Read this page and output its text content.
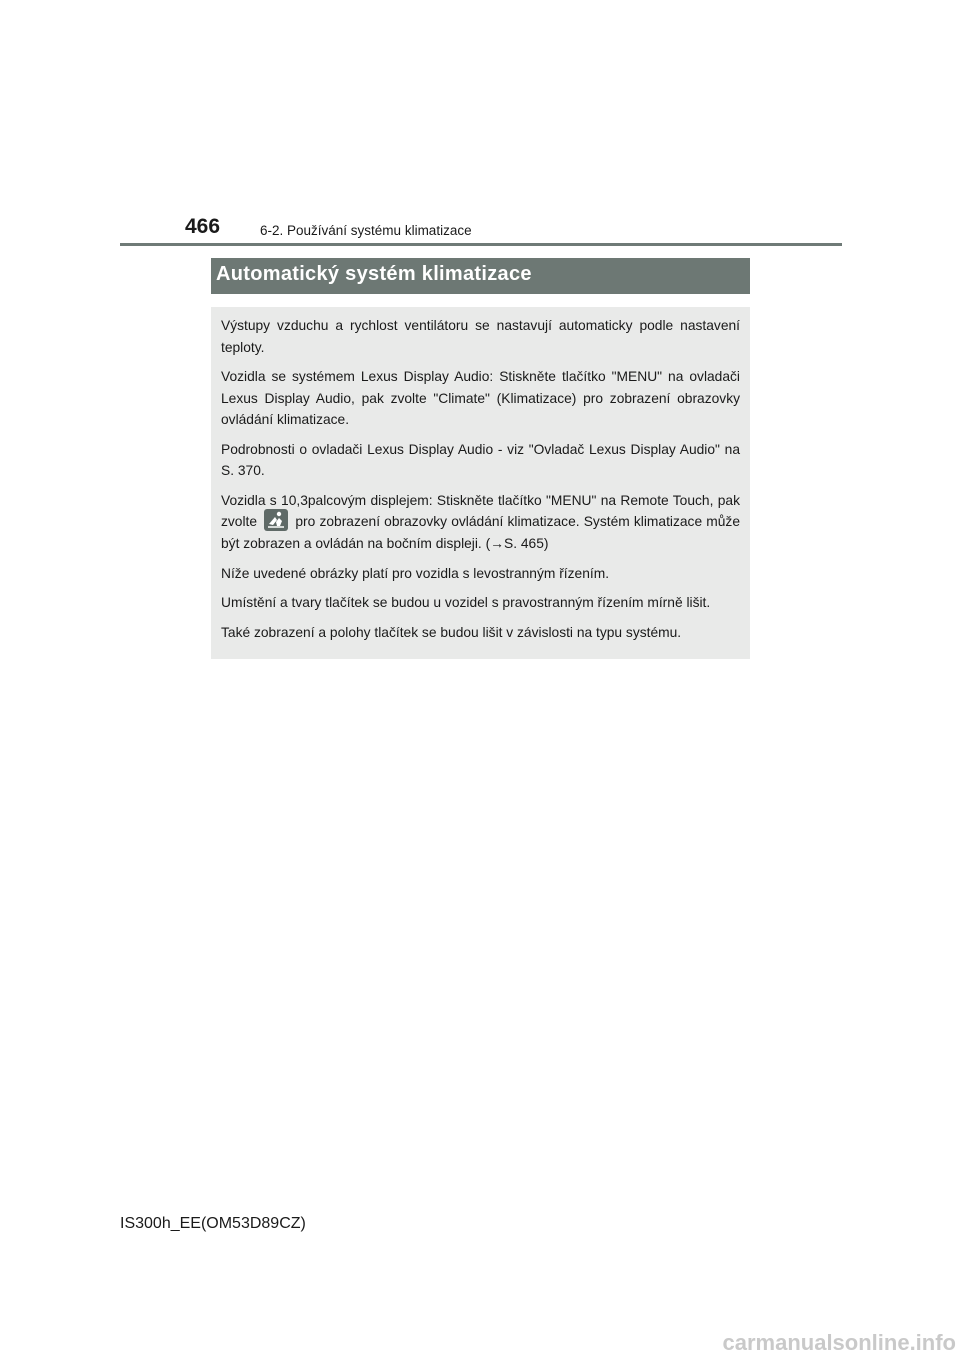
466	6-2. Používání systému klimatizace
Automatický systém klimatizace

Výstupy vzduchu a rychlost ventilátoru se nastavují automaticky podle nastavení teploty.

Vozidla se systémem Lexus Display Audio: Stiskněte tlačítko "MENU" na ovladači Lexus Display Audio, pak zvolte "Climate" (Klimatizace) pro zobrazení obrazovky ovládání klimatizace.

Podrobnosti o ovladači Lexus Display Audio - viz "Ovladač Lexus Display Audio" na S. 370.

Vozidla s 10,3palcovým displejem: Stiskněte tlačítko "MENU" na Remote Touch, pak zvolte	pro zobrazení obrazovky ovládání klimatizace. Systém klimatizace může být zobrazen a ovládán na bočním displeji. (→S. 465)

Níže uvedené obrázky platí pro vozidla s levostranným řízením.

Umístění a tvary tlačítek se budou u vozidel s pravostranným řízením mírně lišit.

Také zobrazení a polohy tlačítek se budou lišit v závislosti na typu systému.

IS300h_EE(OM53D89CZ)
carmanualsonline.info
